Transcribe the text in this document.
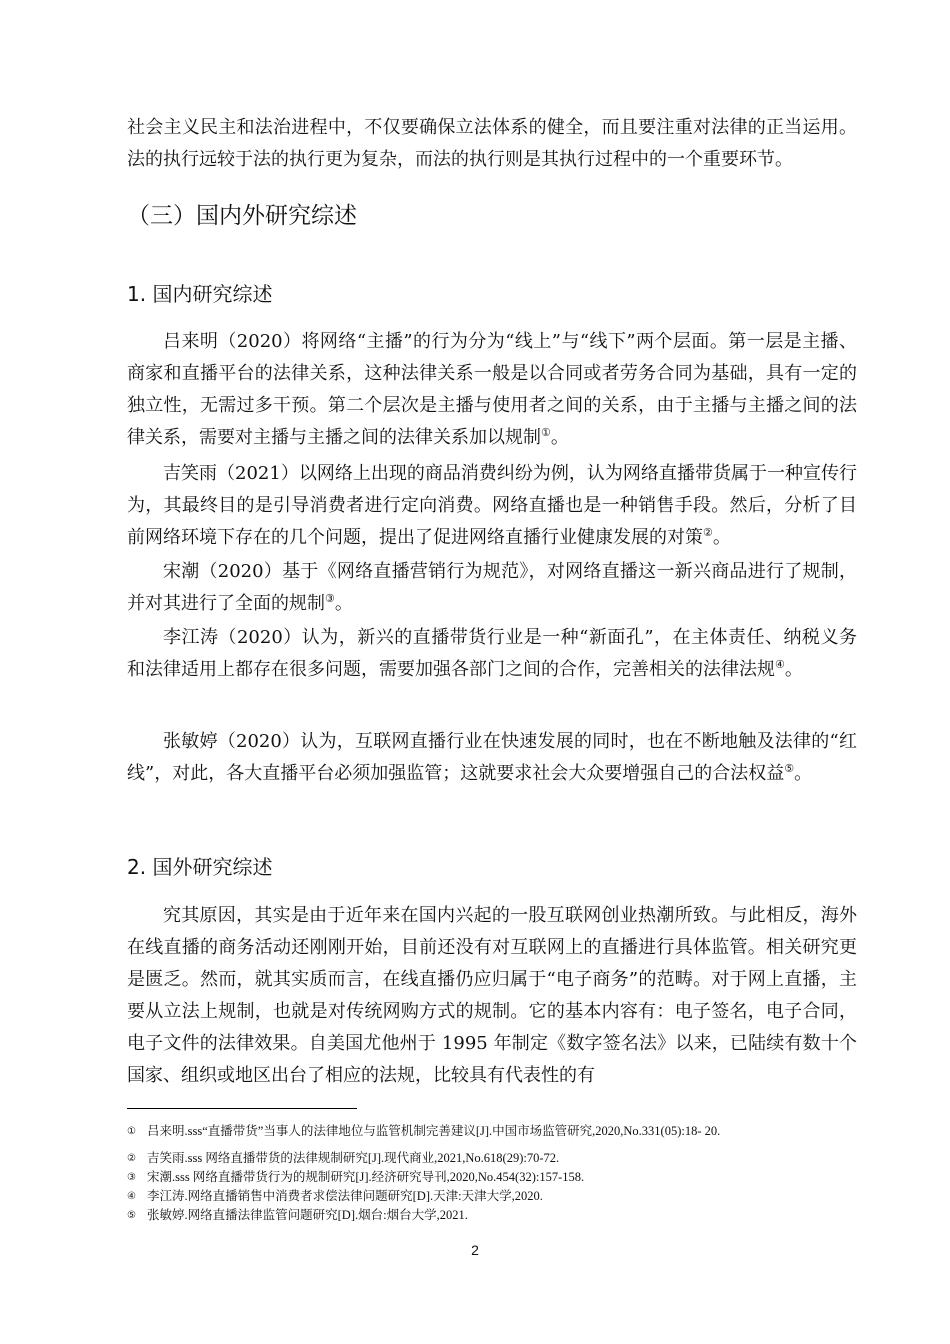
社会主义民主和法治进程中，不仅要确保立法体系的健全，而且要注重对法律的正当运用。法的执行远较于法的执行更为复杂，而法的执行则是其执行过程中的一个重要环节。

（三）国内外研究综述
1. 国内研究综述

吕来明（2020）将网络“主播”的行为分为“线上”与“线下”两个层面。第一层是主播、商家和直播平台的法律关系，这种法律关系一般是以合同或者劳务合同为基础，具有一定的独立性，无需过多干预。第二个层次是主播与使用者之间的关系，由于主播与主播之间的法律关系，需要对主播与主播之间的法律关系加以规制①。

吉笑雨（2021）以网络上出现的商品消费纠纷为例，认为网络直播带货属于一种宣传行为，其最终目的是引导消费者进行定向消费。网络直播也是一种销售手段。然后，分析了目前网络环境下存在的几个问题，提出了促进网络直播行业健康发展的对策②。

宋潮（2020）基于《网络直播营销行为规范》，对网络直播这一新兴商品进行了规制，并对其进行了全面的规制③。

李江涛（2020）认为，新兴的直播带货行业是一种“新面孔”，在主体责任、纳税义务和法律适用上都存在很多问题，需要加强各部门之间的合作，完善相关的法律法规④。

张敏婷（2020）认为，互联网直播行业在快速发展的同时，也在不断地触及法律的“红线”，对此，各大直播平台必须加强监管；这就要求社会大众要增强自己的合法权益⑤。

2. 国外研究综述

究其原因，其实是由于近年来在国内兴起的一股互联网创业热潮所致。与此相反，海外在线直播的商务活动还刚刚开始，目前还没有对互联网上的直播进行具体监管。相关研究更是匮乏。然而，就其实质而言，在线直播仍应归属于“电子商务”的范畴。对于网上直播，主要从立法上规制，也就是对传统网购方式的规制。它的基本内容有：电子签名，电子合同，电子文件的法律效果。自美国尤他州于 1995 年制定《数字签名法》以来，已陆续有数十个国家、组织或地区出台了相应的法规，比较具有代表性的有

① 吕来明.sss“直播带货”当事人的法律地位与监管机制完善建议[J].中国市场监管研究,2020,No.331(05):18- 20.

② 吉笑雨.sss 网络直播带货的法律规制研究[J].现代商业,2021,No.618(29):70-72.

③ 宋潮.sss 网络直播带货行为的规制研究[J].经济研究导刊,2020,No.454(32):157-158.

④ 李江涛.网络直播销售中消费者求偿法律问题研究[D].天津:天津大学,2020.

⑤ 张敏婷.网络直播法律监管问题研究[D].烟台:烟台大学,2021.

2
